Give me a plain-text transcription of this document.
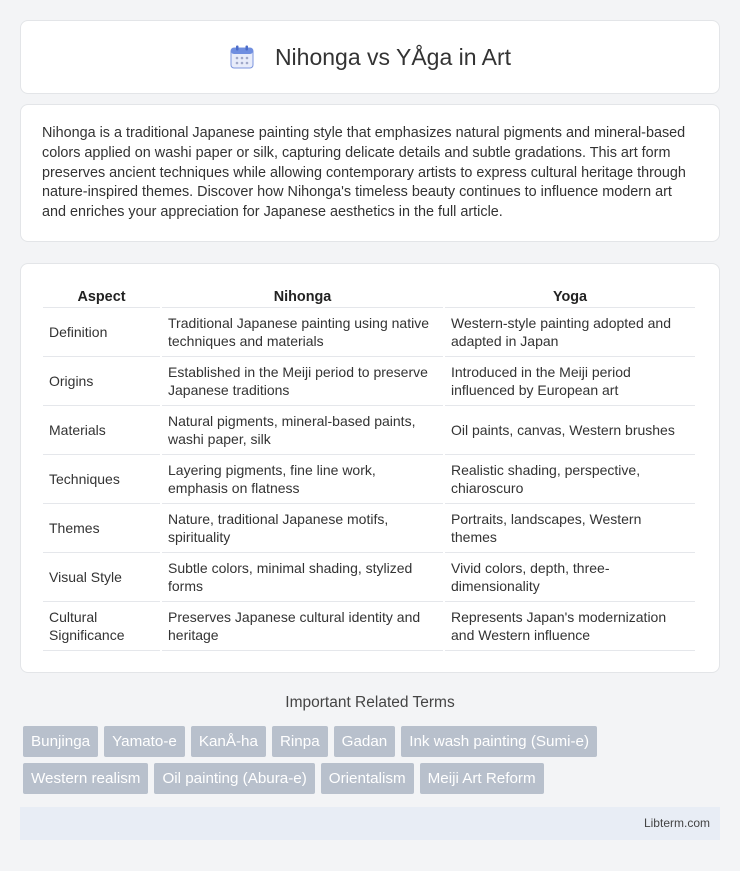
Nihonga vs YÅga in Art

Nihonga is a traditional Japanese painting style that emphasizes natural pigments and mineral-based colors applied on washi paper or silk, capturing delicate details and subtle gradations. This art form preserves ancient techniques while allowing contemporary artists to express cultural heritage through nature-inspired themes. Discover how Nihonga's timeless beauty continues to influence modern art and enriches your appreciation for Japanese aesthetics in the full article.

Aspect	Nihonga	Yoga
Definition	Traditional Japanese painting using native techniques and materials	Western-style painting adopted and adapted in Japan
Origins	Established in the Meiji period to preserve Japanese traditions	Introduced in the Meiji period influenced by European art
Materials	Natural pigments, mineral-based paints, washi paper, silk	Oil paints, canvas, Western brushes
Techniques	Layering pigments, fine line work, emphasis on flatness	Realistic shading, perspective, chiaroscuro
Themes	Nature, traditional Japanese motifs, spirituality	Portraits, landscapes, Western themes
Visual Style	Subtle colors, minimal shading, stylized forms	Vivid colors, depth, three-dimensionality
Cultural Significance	Preserves Japanese cultural identity and heritage	Represents Japan's modernization and Western influence
Important Related Terms
Bunjinga	Yamato-e	KanÅ-ha	Rinpa	Gadan	Ink wash painting (Sumi-e)
Western realism	Oil painting (Abura-e)	Orientalism	Meiji Art Reform
Libterm.com
